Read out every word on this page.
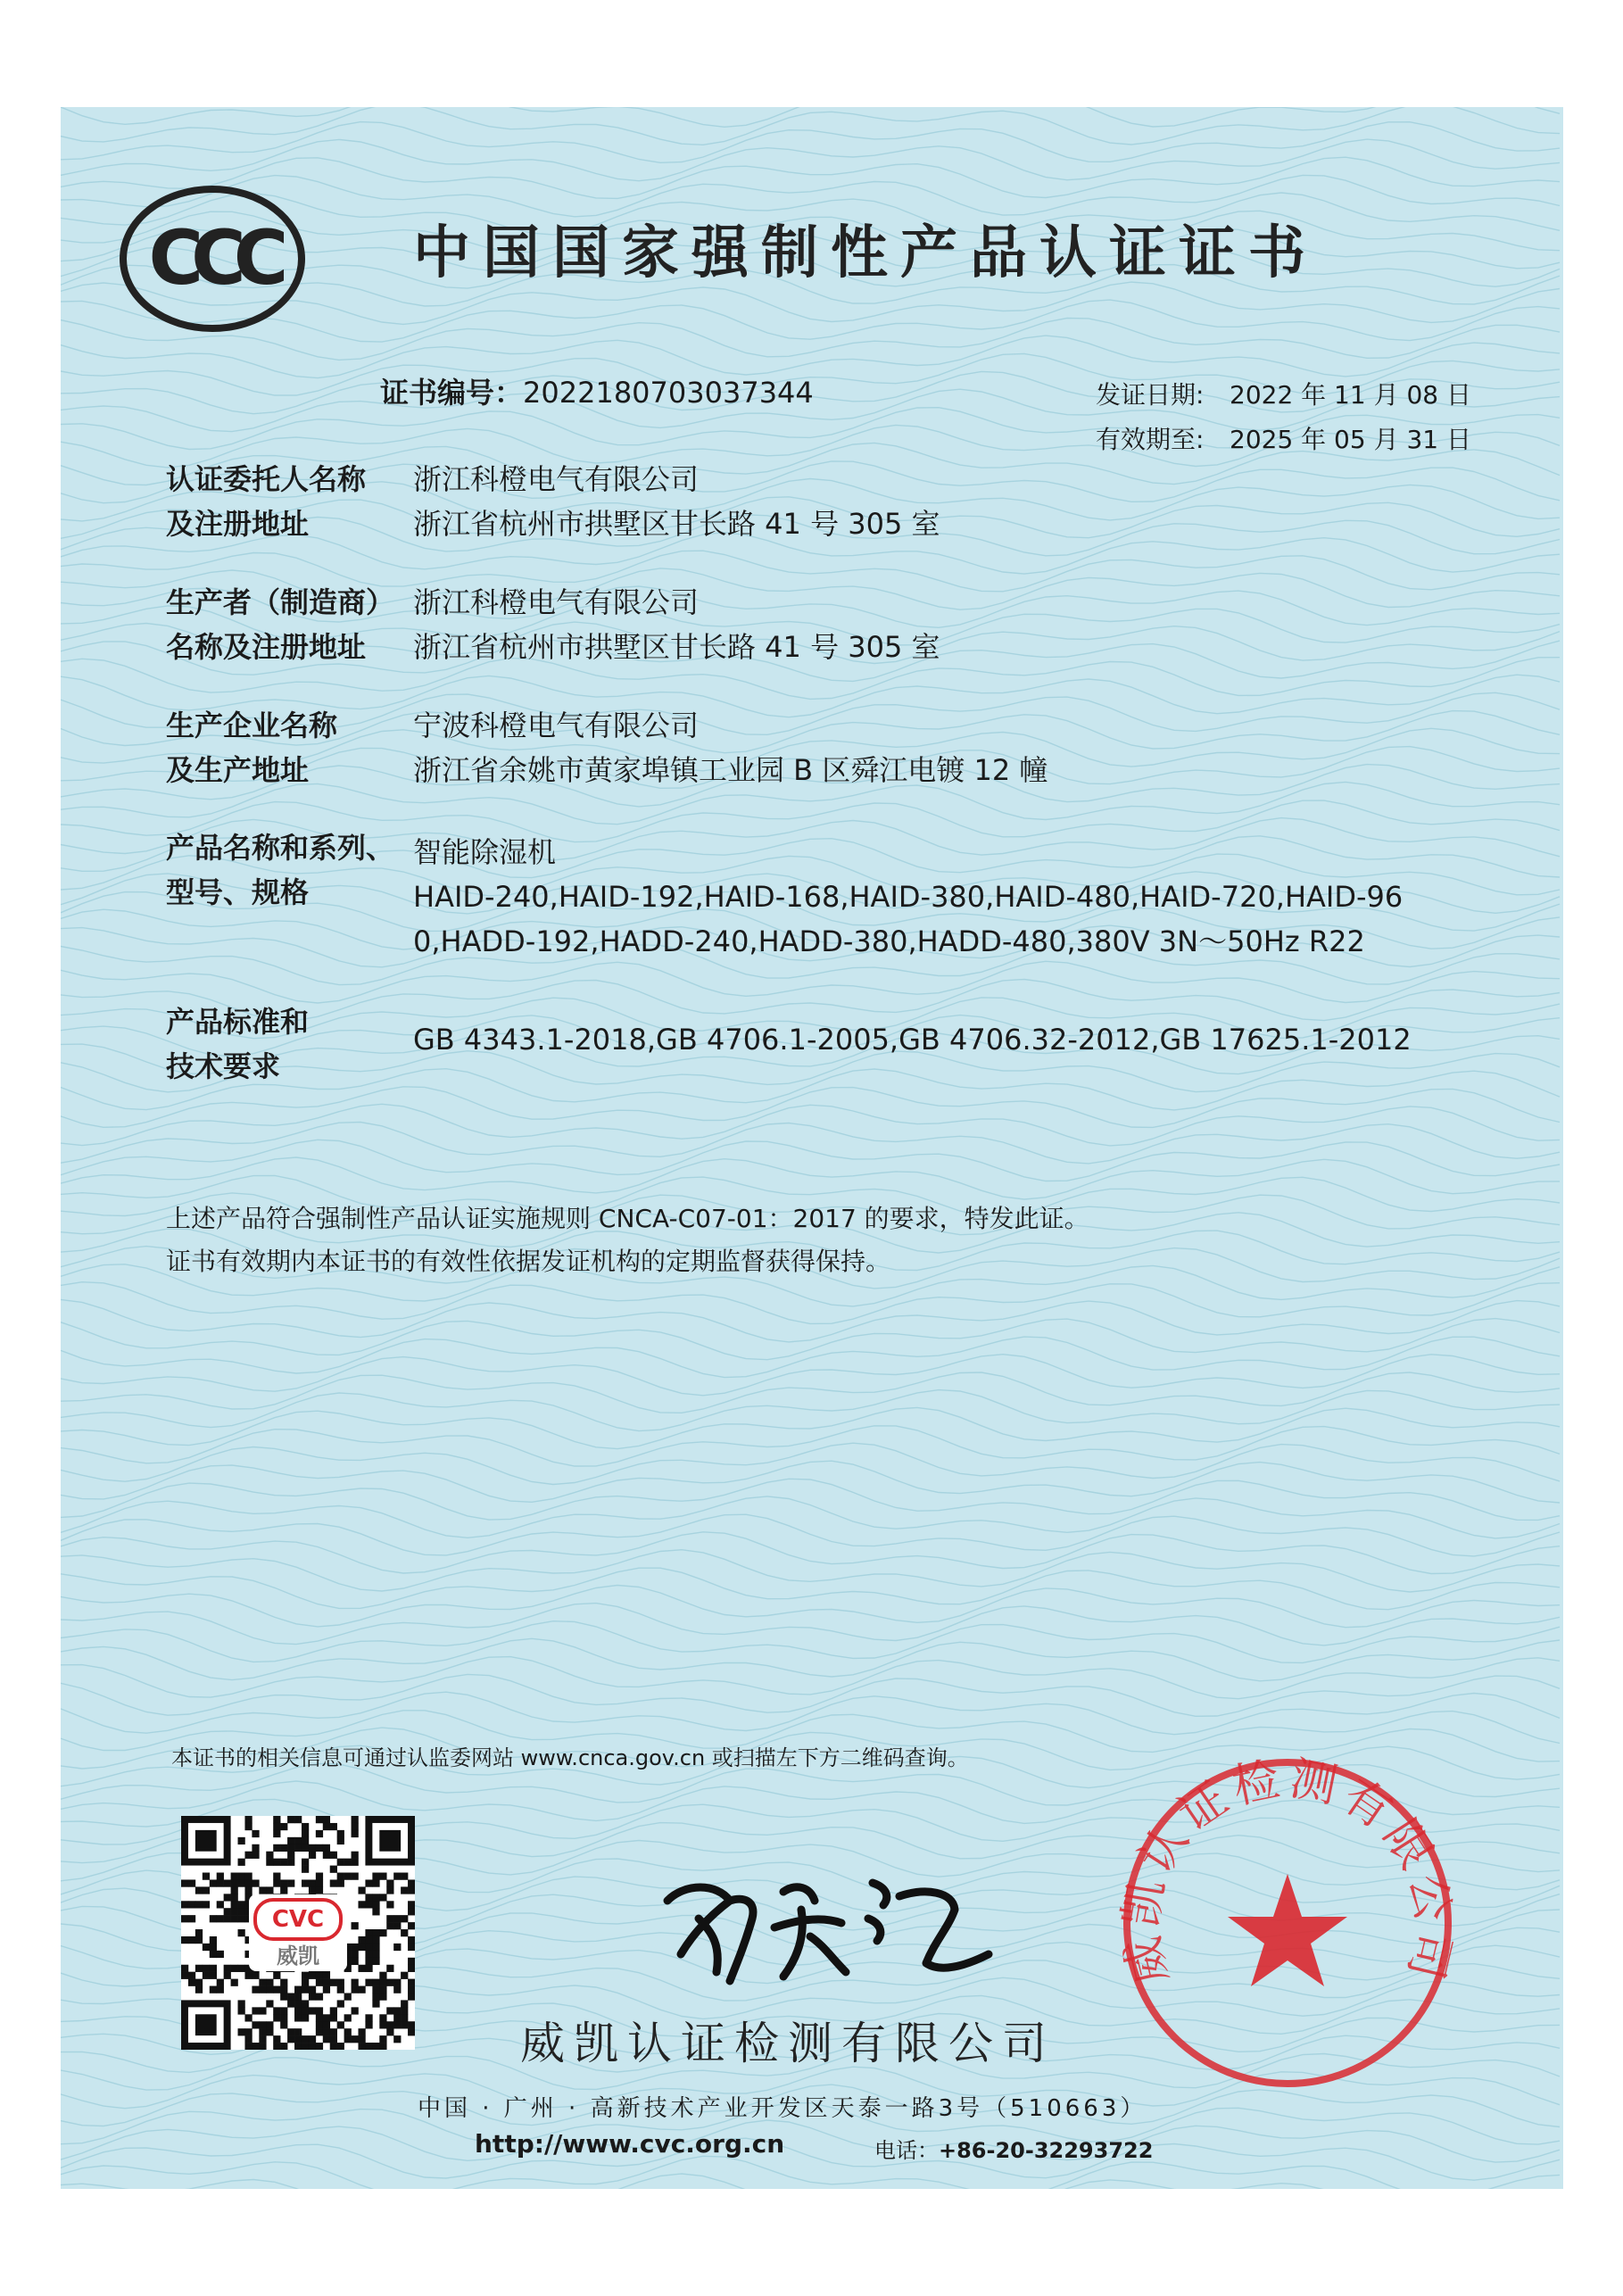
CCC 中国国家强制性产品认证证书
证书编号：2022180703037344	发证日期: 2022 年 11 月 08 日
有效期至: 2025 年 05 月 31 日
认证委托人名称
及注册地址
浙江科橙电气有限公司
浙江省杭州市拱墅区甘长路 41 号 305 室
生产者（制造商）
名称及注册地址
浙江科橙电气有限公司
浙江省杭州市拱墅区甘长路 41 号 305 室
生产企业名称
及生产地址
宁波科橙电气有限公司
浙江省余姚市黄家埠镇工业园 B 区舜江电镀 12 幢
产品名称和系列、
型号、规格
智能除湿机
HAID-240,HAID-192,HAID-168,HAID-380,HAID-480,HAID-720,HAID-96
0,HADD-192,HADD-240,HADD-380,HADD-480,380V 3N～50Hz R22
产品标准和
技术要求
GB 4343.1-2018,GB 4706.1-2005,GB 4706.32-2012,GB 17625.1-2012
上述产品符合强制性产品认证实施规则 CNCA-C07-01：2017 的要求，特发此证。
证书有效期内本证书的有效性依据发证机构的定期监督获得保持。
本证书的相关信息可通过认监委网站 www.cnca.gov.cn 或扫描左下方二维码查询。
CVC
威凯
威凯认证检测有限公司
威凯认证检测有限公司
中国 · 广州 · 高新技术产业开发区天泰一路3号（510663）
http://www.cvc.org.cn	电话：+86-20-32293722
